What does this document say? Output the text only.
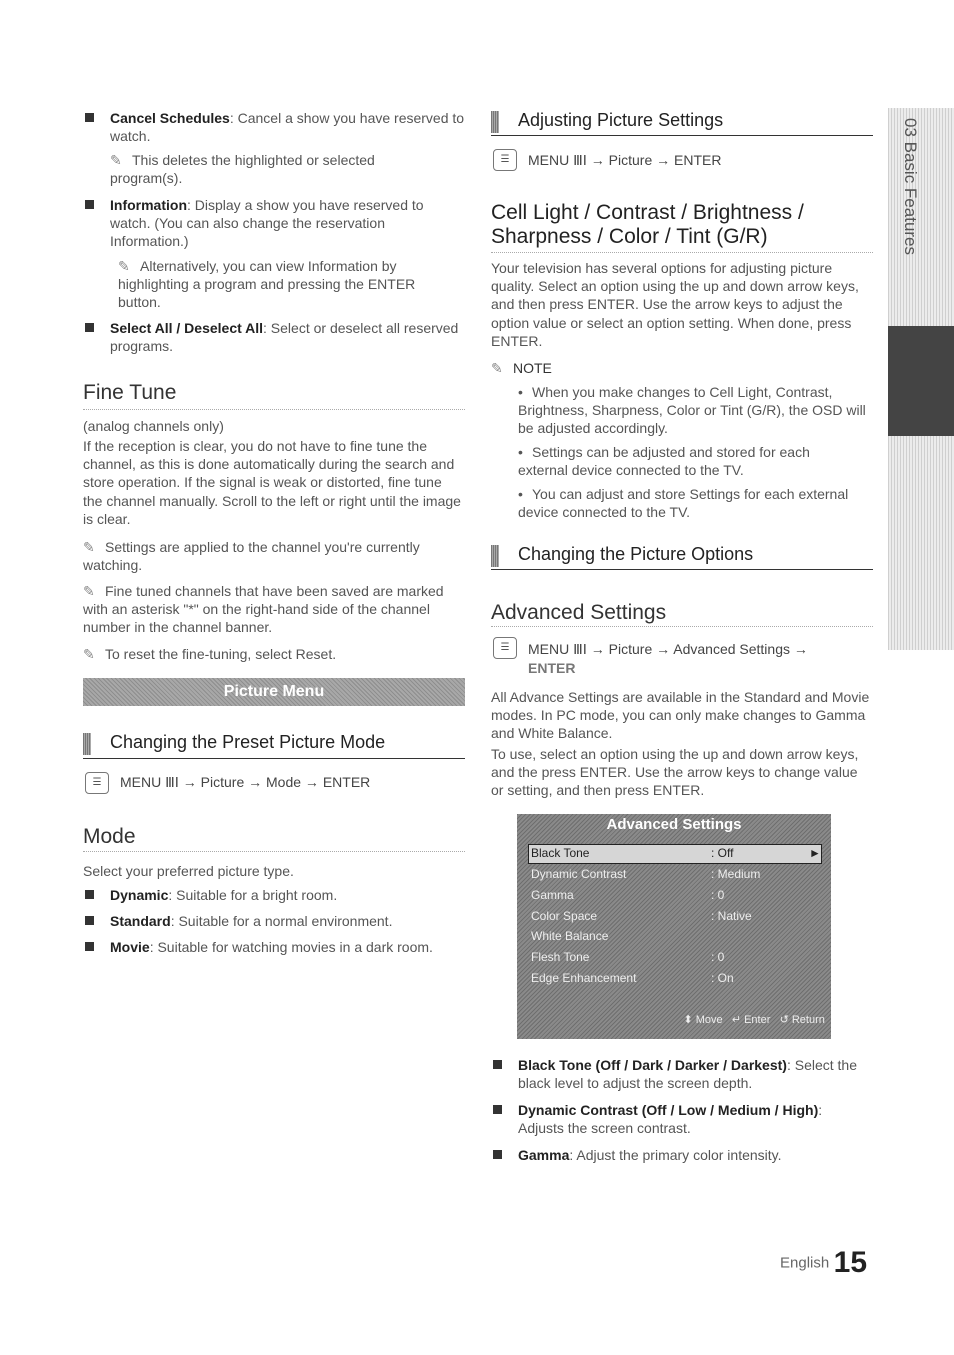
Cancel Schedules: Cancel a show you have reserved to watch.
✎ This deletes the highlighted or selected program(s).
Information: Display a show you have reserved to watch. (You can also change the reservation Information.)
✎ Alternatively, you can view Information by highlighting a program and pressing the ENTER button.
Select All / Deselect All: Select or deselect all reserved programs.
Fine Tune
(analog channels only)
If the reception is clear, you do not have to fine tune the channel, as this is done automatically during the search and store operation. If the signal is weak or distorted, fine tune the channel manually. Scroll to the left or right until the image is clear.
✎ Settings are applied to the channel you're currently watching.
✎ Fine tuned channels that have been saved are marked with an asterisk "*" on the right-hand side of the channel number in the channel banner.
✎ To reset the fine-tuning, select Reset.
Picture Menu
Changing the Preset Picture Mode
☰	MENU ⅢⅠ → Picture → Mode → ENTER
Mode
Select your preferred picture type.
Dynamic: Suitable for a bright room.
Standard: Suitable for a normal environment.
Movie: Suitable for watching movies in a dark room.
Adjusting Picture Settings
☰	MENU ⅢⅠ → Picture → ENTER
Cell Light / Contrast / Brightness /
Sharpness / Color / Tint (G/R)
Your television has several options for adjusting picture quality. Select an option using the up and down arrow keys, and then press ENTER. Use the arrow keys to adjust the option value or select an option setting. When done, press ENTER.
✎ NOTE
• When you make changes to Cell Light, Contrast, Brightness, Sharpness, Color or Tint (G/R), the OSD will be adjusted accordingly.
• Settings can be adjusted and stored for each external device connected to the TV.
• You can adjust and store Settings for each external device connected to the TV.
Changing the Picture Options
Advanced Settings
☰	MENU ⅢⅠ → Picture → Advanced Settings →
ENTER
All Advance Settings are available in the Standard and Movie modes. In PC mode, you can only make changes to Gamma and White Balance.
To use, select an option using the up and down arrow keys, and the press ENTER. Use the arrow keys to change value or setting, and then press ENTER.
Advanced Settings
Black Tone	: Off	►
Dynamic Contrast	: Medium
Gamma	: 0
Color Space	: Native
White Balance
Flesh Tone	: 0
Edge Enhancement	: On
⬍ Move ↵ Enter ↺ Return
Black Tone (Off / Dark / Darker / Darkest): Select the black level to adjust the screen depth.
Dynamic Contrast (Off / Low / Medium / High): Adjusts the screen contrast.
Gamma: Adjust the primary color intensity.
03 Basic Features
English 15
